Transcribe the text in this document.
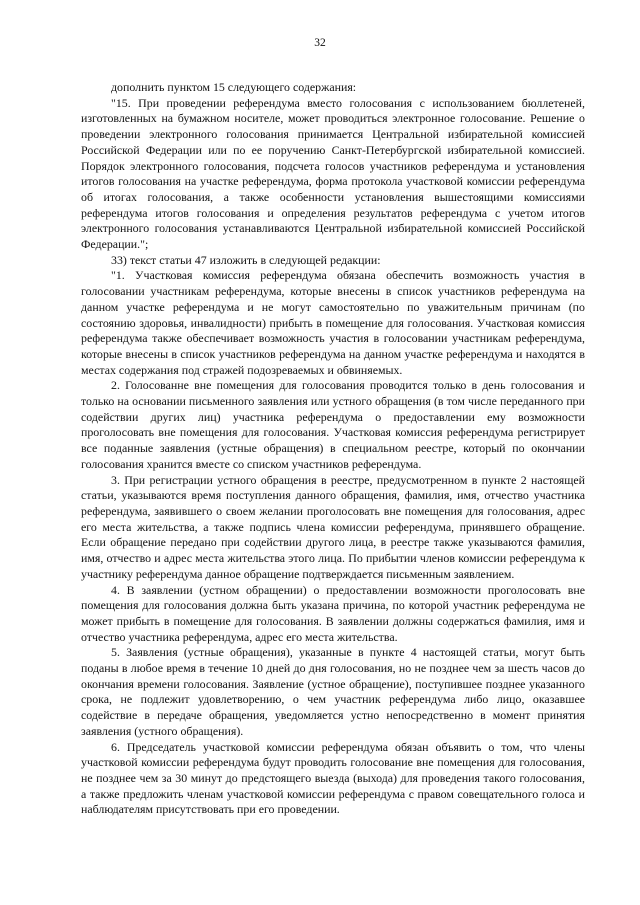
32

дополнить пунктом 15 следующего содержания:

"15. При проведении референдума вместо голосования с использованием бюллетеней, изготовленных на бумажном носителе, может проводиться электронное голосование. Решение о проведении электронного голосования принимается Центральной избирательной комиссией Российской Федерации или по ее поручению Санкт-Петербургской избирательной комиссией. Порядок электронного голосования, подсчета голосов участников референдума и установления итогов голосования на участке референдума, форма протокола участковой комиссии референдума об итогах голосования, а также особенности установления вышестоящими комиссиями референдума итогов голосования и определения результатов референдума с учетом итогов электронного голосования устанавливаются Центральной избирательной комиссией Российской Федерации.";

33) текст статьи 47 изложить в следующей редакции:

"1. Участковая комиссия референдума обязана обеспечить возможность участия в голосовании участникам референдума, которые внесены в список участников референдума на данном участке референдума и не могут самостоятельно по уважительным причинам (по состоянию здоровья, инвалидности) прибыть в помещение для голосования. Участковая комиссия референдума также обеспечивает возможность участия в голосовании участникам референдума, которые внесены в список участников референдума на данном участке референдума и находятся в местах содержания под стражей подозреваемых и обвиняемых.

2. Голосованне вне помещения для голосования проводится только в день голосования и только на основании письменного заявления или устного обращения (в том числе переданного при содействии других лиц) участника референдума о предоставлении ему возможности проголосовать вне помещения для голосования. Участковая комиссия референдума регистрирует все поданные заявления (устные обращения) в специальном реестре, который по окончании голосования хранится вместе со списком участников референдума.

3. При регистрации устного обращения в реестре, предусмотренном в пункте 2 настоящей статьи, указываются время поступления данного обращения, фамилия, имя, отчество участника референдума, заявившего о своем желании проголосовать вне помещения для голосования, адрес его места жительства, а также подпись члена комиссии референдума, принявшего обращение. Если обращение передано при содействии другого лица, в реестре также указываются фамилия, имя, отчество и адрес места жительства этого лица. По прибытии членов комиссии референдума к участнику референдума данное обращение подтверждается письменным заявлением.

4. В заявлении (устном обращении) о предоставлении возможности проголосовать вне помещения для голосования должна быть указана причина, по которой участник референдума не может прибыть в помещение для голосования. В заявлении должны содержаться фамилия, имя и отчество участника референдума, адрес его места жительства.

5. Заявления (устные обращения), указанные в пункте 4 настоящей статьи, могут быть поданы в любое время в течение 10 дней до дня голосования, но не позднее чем за шесть часов до окончания времени голосования. Заявление (устное обращение), поступившее позднее указанного срока, не подлежит удовлетворению, о чем участник референдума либо лицо, оказавшее содействие в передаче обращения, уведомляется устно непосредственно в момент принятия заявления (устного обращения).

6. Председатель участковой комиссии референдума обязан объявить о том, что члены участковой комиссии референдума будут проводить голосование вне помещения для голосования, не позднее чем за 30 минут до предстоящего выезда (выхода) для проведения такого голосования, а также предложить членам участковой комиссии референдума с правом совещательного голоса и наблюдателям присутствовать при его проведении.
